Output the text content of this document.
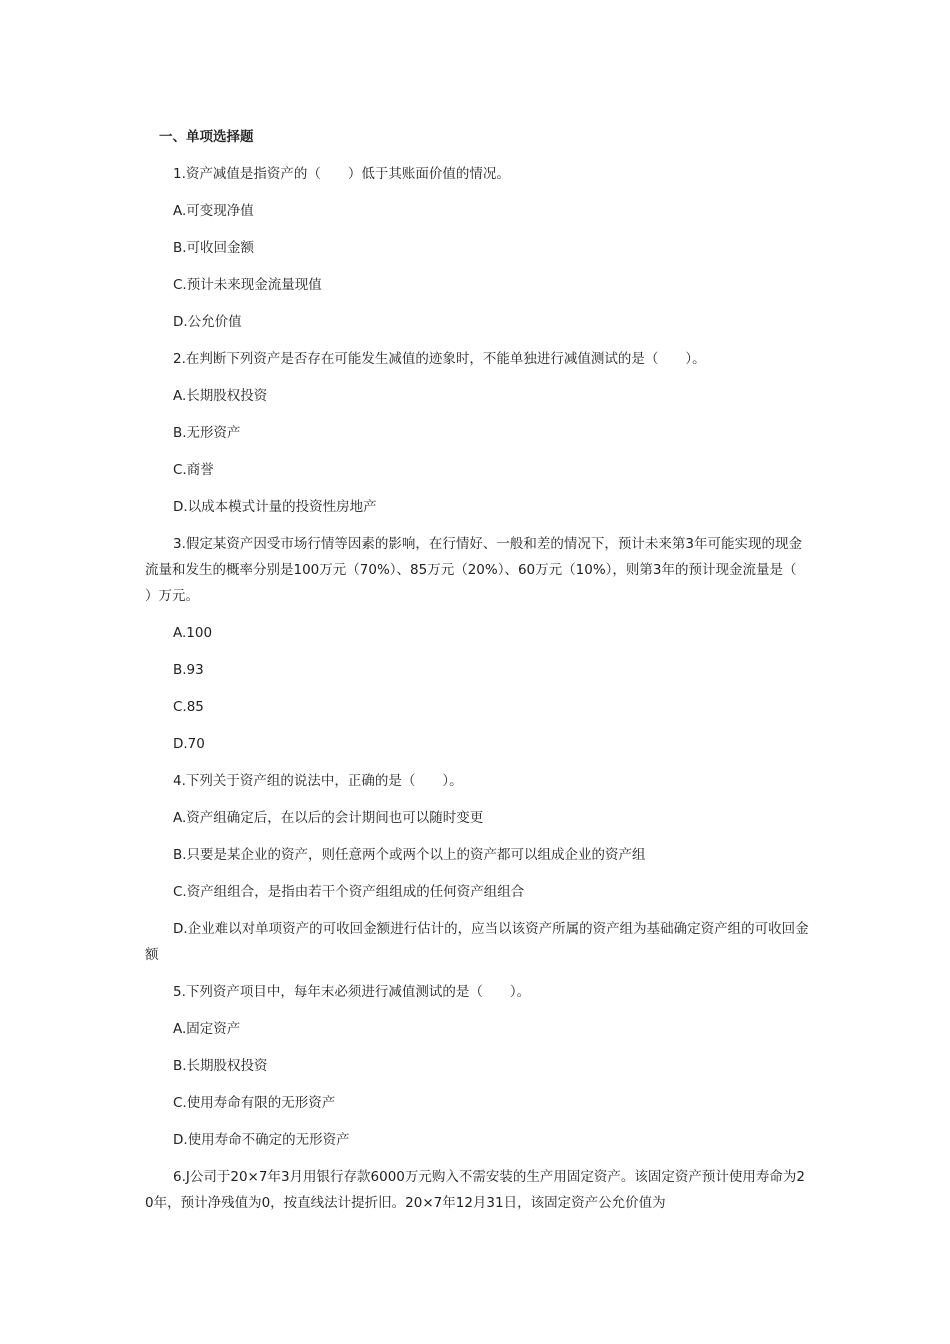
一、单项选择题

1.资产减值是指资产的（　　）低于其账面价值的情况。

A.可变现净值

B.可收回金额

C.预计未来现金流量现值

D.公允价值

2.在判断下列资产是否存在可能发生减值的迹象时，不能单独进行减值测试的是（　　）。

A.长期股权投资

B.无形资产

C.商誉

D.以成本模式计量的投资性房地产

3.假定某资产因受市场行情等因素的影响，在行情好、一般和差的情况下，预计未来第3年可能实现的现金流量和发生的概率分别是100万元（70%）、85万元（20%）、60万元（10%），则第3年的预计现金流量是（　　）万元。

A.100

B.93

C.85

D.70

4.下列关于资产组的说法中，正确的是（　　）。

A.资产组确定后，在以后的会计期间也可以随时变更

B.只要是某企业的资产，则任意两个或两个以上的资产都可以组成企业的资产组

C.资产组组合，是指由若干个资产组组成的任何资产组组合

D.企业难以对单项资产的可收回金额进行估计的，应当以该资产所属的资产组为基础确定资产组的可收回金额

5.下列资产项目中，每年末必须进行减值测试的是（　　）。

A.固定资产

B.长期股权投资

C.使用寿命有限的无形资产

D.使用寿命不确定的无形资产

6.J公司于20×7年3月用银行存款6000万元购入不需安装的生产用固定资产。该固定资产预计使用寿命为20年，预计净残值为0，按直线法计提折旧。20×7年12月31日，该固定资产公允价值为
